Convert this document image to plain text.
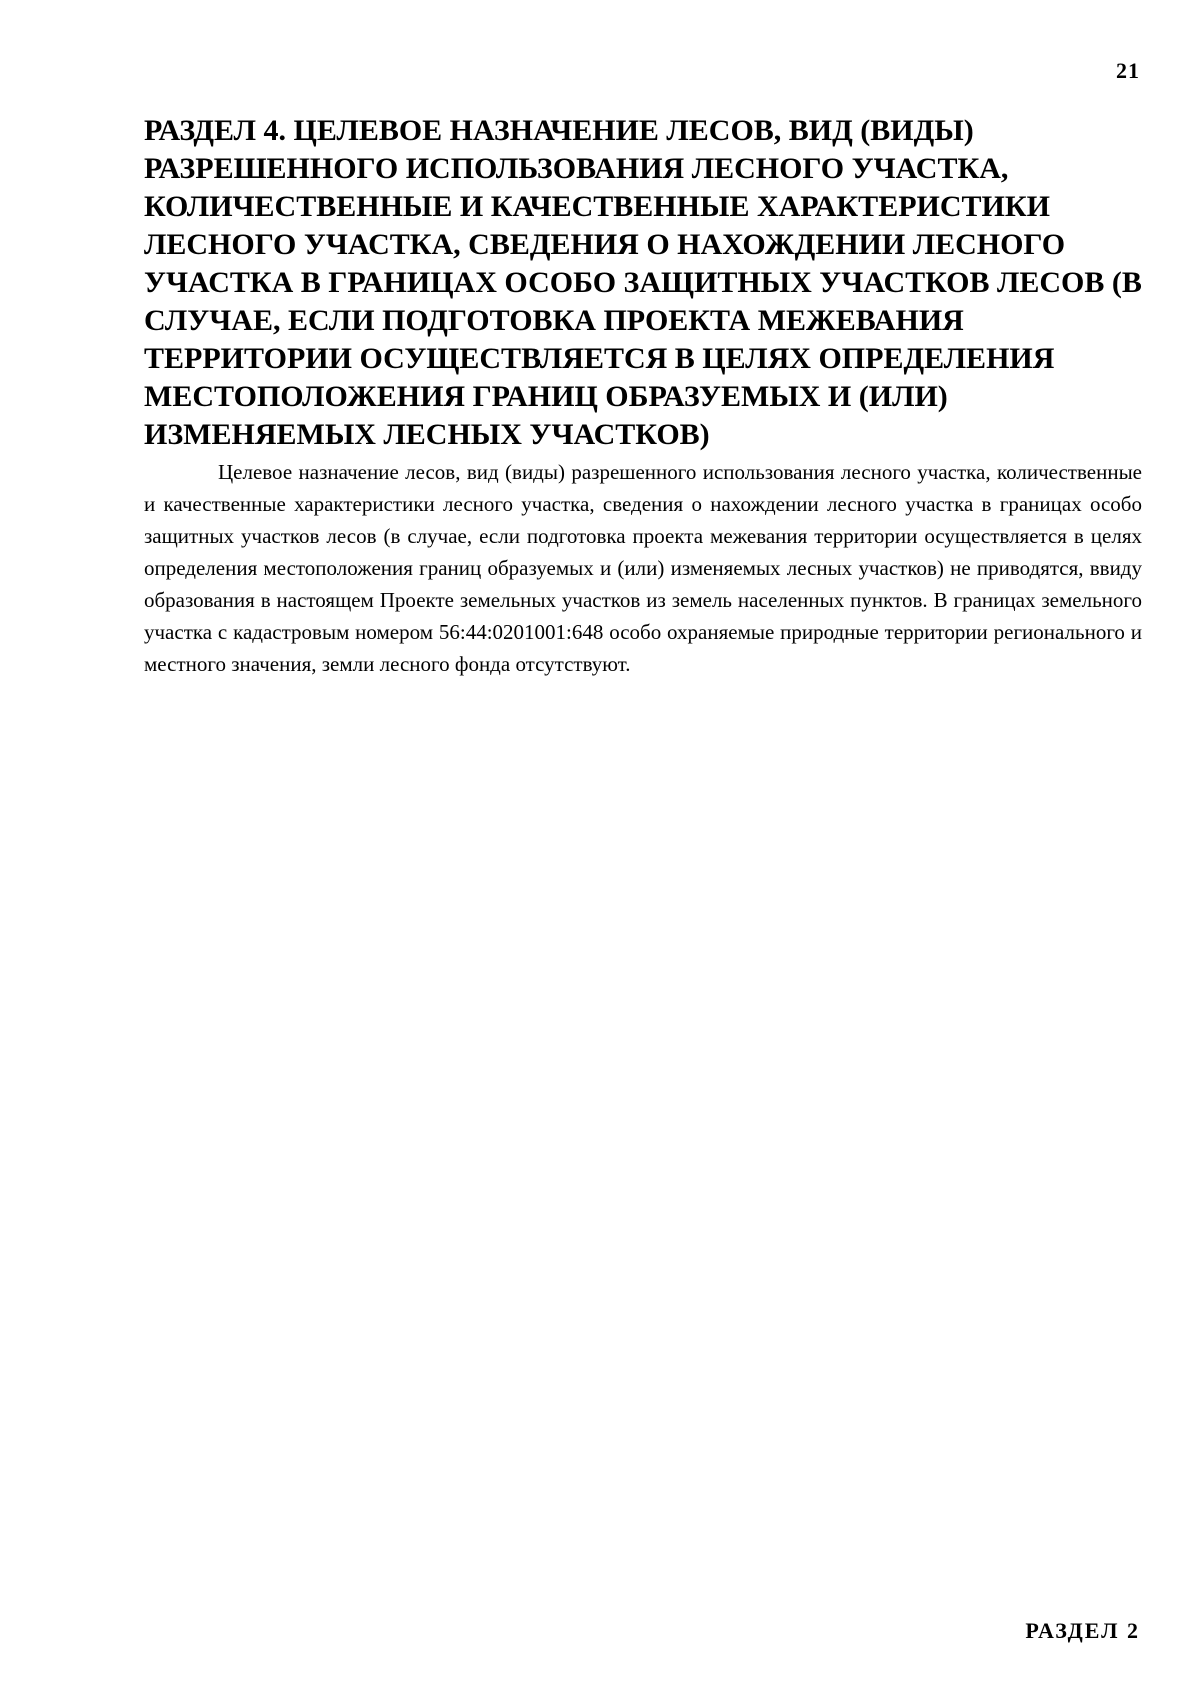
21
РАЗДЕЛ 4. ЦЕЛЕВОЕ НАЗНАЧЕНИЕ ЛЕСОВ, ВИД (ВИДЫ) РАЗРЕШЕННОГО ИСПОЛЬЗОВАНИЯ ЛЕСНОГО УЧАСТКА, КОЛИЧЕСТВЕННЫЕ И КАЧЕСТВЕННЫЕ ХАРАКТЕРИСТИКИ ЛЕСНОГО УЧАСТКА, СВЕДЕНИЯ О НАХОЖДЕНИИ ЛЕСНОГО УЧАСТКА В ГРАНИЦАХ ОСОБО ЗАЩИТНЫХ УЧАСТКОВ ЛЕСОВ (В СЛУЧАЕ, ЕСЛИ ПОДГОТОВКА ПРОЕКТА МЕЖЕВАНИЯ ТЕРРИТОРИИ ОСУЩЕСТВЛЯЕТСЯ В ЦЕЛЯХ ОПРЕДЕЛЕНИЯ МЕСТОПОЛОЖЕНИЯ ГРАНИЦ ОБРАЗУЕМЫХ И (ИЛИ) ИЗМЕНЯЕМЫХ ЛЕСНЫХ УЧАСТКОВ)

Целевое назначение лесов, вид (виды) разрешенного использования лесного участка, количественные и качественные характеристики лесного участка, сведения о нахождении лесного участка в границах особо защитных участков лесов (в случае, если подготовка проекта межевания территории осуществляется в целях определения местоположения границ образуемых и (или) изменяемых лесных участков) не приводятся, ввиду образования в настоящем Проекте земельных участков из земель населенных пунктов. В границах земельного участка с кадастровым номером 56:44:0201001:648 особо охраняемые природные территории регионального и местного значения, земли лесного фонда отсутствуют.

РАЗДЕЛ 2
